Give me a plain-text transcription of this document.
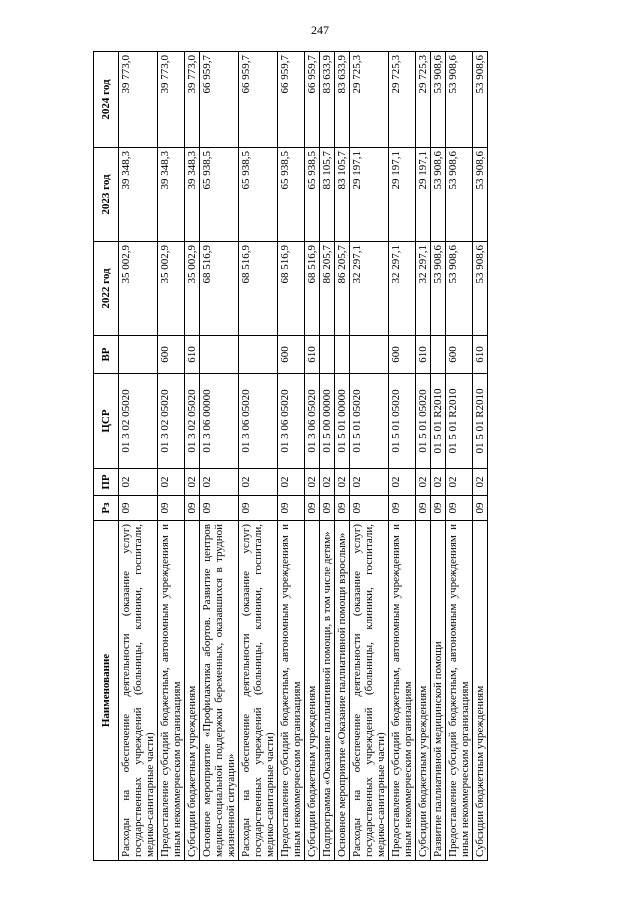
247
Наименование	Рз	ПР	ЦСР	ВР	2022 год	2023 год	2024 год
Расходы на обеспечение деятельности (оказание услуг) государственных учреждений (больницы, клиники, госпитали, медико-санитарные части)	09	02	01 3 02 05020		35 002,9	39 348,3	39 773,0
Предоставление субсидий бюджетным, автономным учреждениям и иным некоммерческим организациям	09	02	01 3 02 05020	600	35 002,9	39 348,3	39 773,0
Субсидии бюджетным учреждениям	09	02	01 3 02 05020	610	35 002,9	39 348,3	39 773,0
Основное мероприятие «Профилактика абортов. Развитие центров медико-социальной поддержки беременных, оказавшихся в трудной жизненной ситуации»	09	02	01 3 06 00000		68 516,9	65 938,5	66 959,7
Расходы на обеспечение деятельности (оказание услуг) государственных учреждений (больницы, клиники, госпитали, медико-санитарные части)	09	02	01 3 06 05020		68 516,9	65 938,5	66 959,7
Предоставление субсидий бюджетным, автономным учреждениям и иным некоммерческим организациям	09	02	01 3 06 05020	600	68 516,9	65 938,5	66 959,7
Субсидии бюджетным учреждениям	09	02	01 3 06 05020	610	68 516,9	65 938,5	66 959,7
Подпрограмма «Оказание паллиативной помощи, в том числе детям»	09	02	01 5 00 00000		86 205,7	83 105,7	83 633,9
Основное мероприятие «Оказание паллиативной помощи взрослым»	09	02	01 5 01 00000		86 205,7	83 105,7	83 633,9
Расходы на обеспечение деятельности (оказание услуг) государственных учреждений (больницы, клиники, госпитали, медико-санитарные части)	09	02	01 5 01 05020		32 297,1	29 197,1	29 725,3
Предоставление субсидий бюджетным, автономным учреждениям и иным некоммерческим организациям	09	02	01 5 01 05020	600	32 297,1	29 197,1	29 725,3
Субсидии бюджетным учреждениям	09	02	01 5 01 05020	610	32 297,1	29 197,1	29 725,3
Развитие паллиативной медицинской помощи	09	02	01 5 01 R2010		53 908,6	53 908,6	53 908,6
Предоставление субсидий бюджетным, автономным учреждениям и иным некоммерческим организациям	09	02	01 5 01 R2010	600	53 908,6	53 908,6	53 908,6
Субсидии бюджетным учреждениям	09	02	01 5 01 R2010	610	53 908,6	53 908,6	53 908,6
